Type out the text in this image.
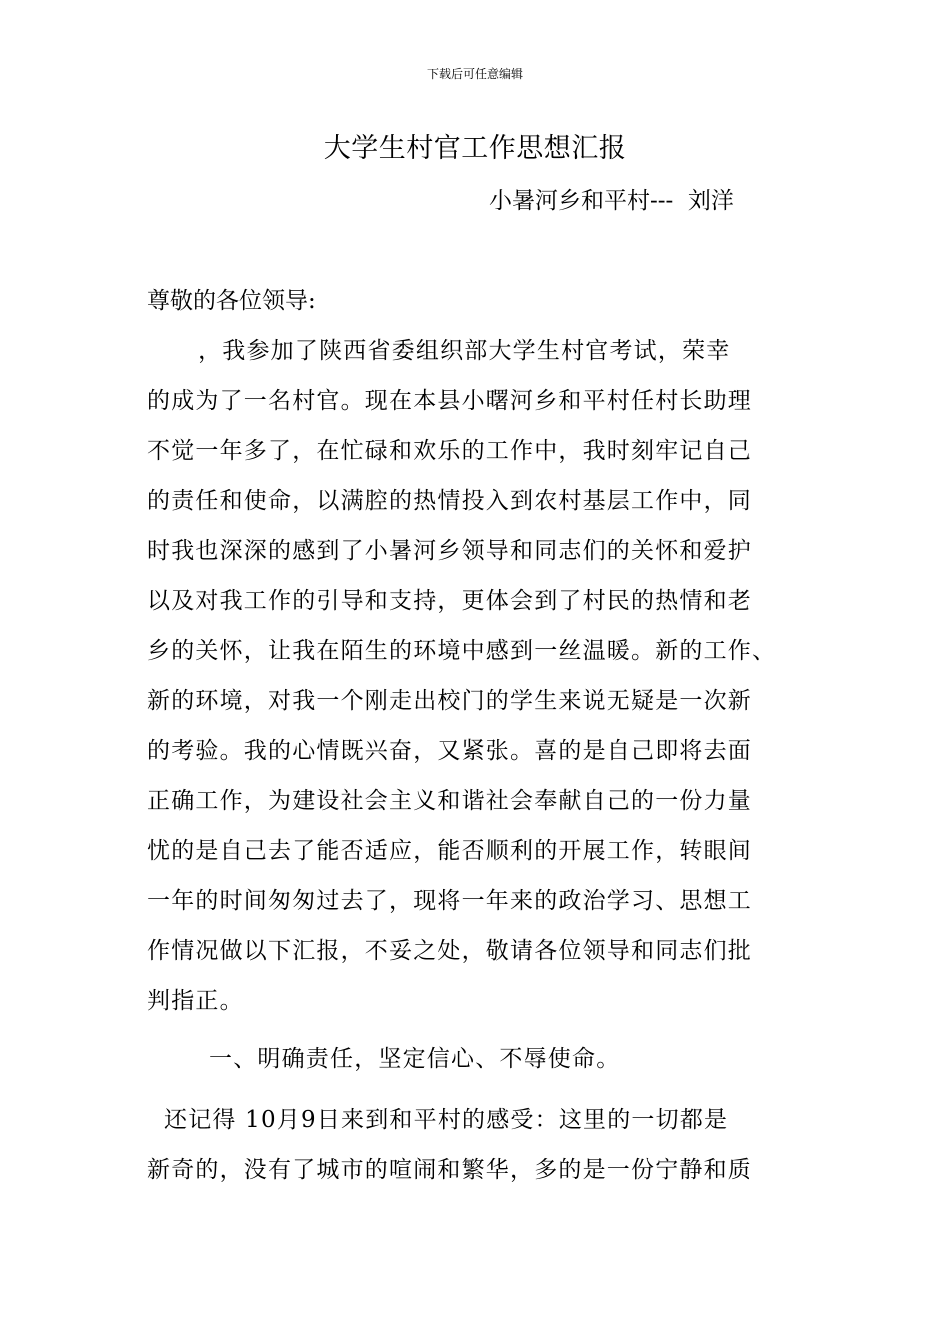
下载后可任意编辑
大学生村官工作思想汇报
小暑河乡和平村---  刘洋
尊敬的各位领导:
，我参加了陕西省委组织部大学生村官考试，荣幸
的成为了一名村官。现在本县小曙河乡和平村任村长助理
不觉一年多了，在忙碌和欢乐的工作中，我时刻牢记自己
的责任和使命，以满腔的热情投入到农村基层工作中，同
时我也深深的感到了小暑河乡领导和同志们的关怀和爱护
以及对我工作的引导和支持，更体会到了村民的热情和老
乡的关怀，让我在陌生的环境中感到一丝温暖。新的工作、
新的环境，对我一个刚走出校门的学生来说无疑是一次新
的考验。我的心情既兴奋，又紧张。喜的是自己即将去面
正确工作，为建设社会主义和谐社会奉献自己的一份力量
忧的是自己去了能否适应，能否顺利的开展工作，转眼间
一年的时间匆匆过去了，现将一年来的政治学习、思想工
作情况做以下汇报，不妥之处，敬请各位领导和同志们批
判指正。
一、明确责任，坚定信心、不辱使命。
还记得 10月9日来到和平村的感受：这里的一切都是
新奇的，没有了城市的喧闹和繁华，多的是一份宁静和质
